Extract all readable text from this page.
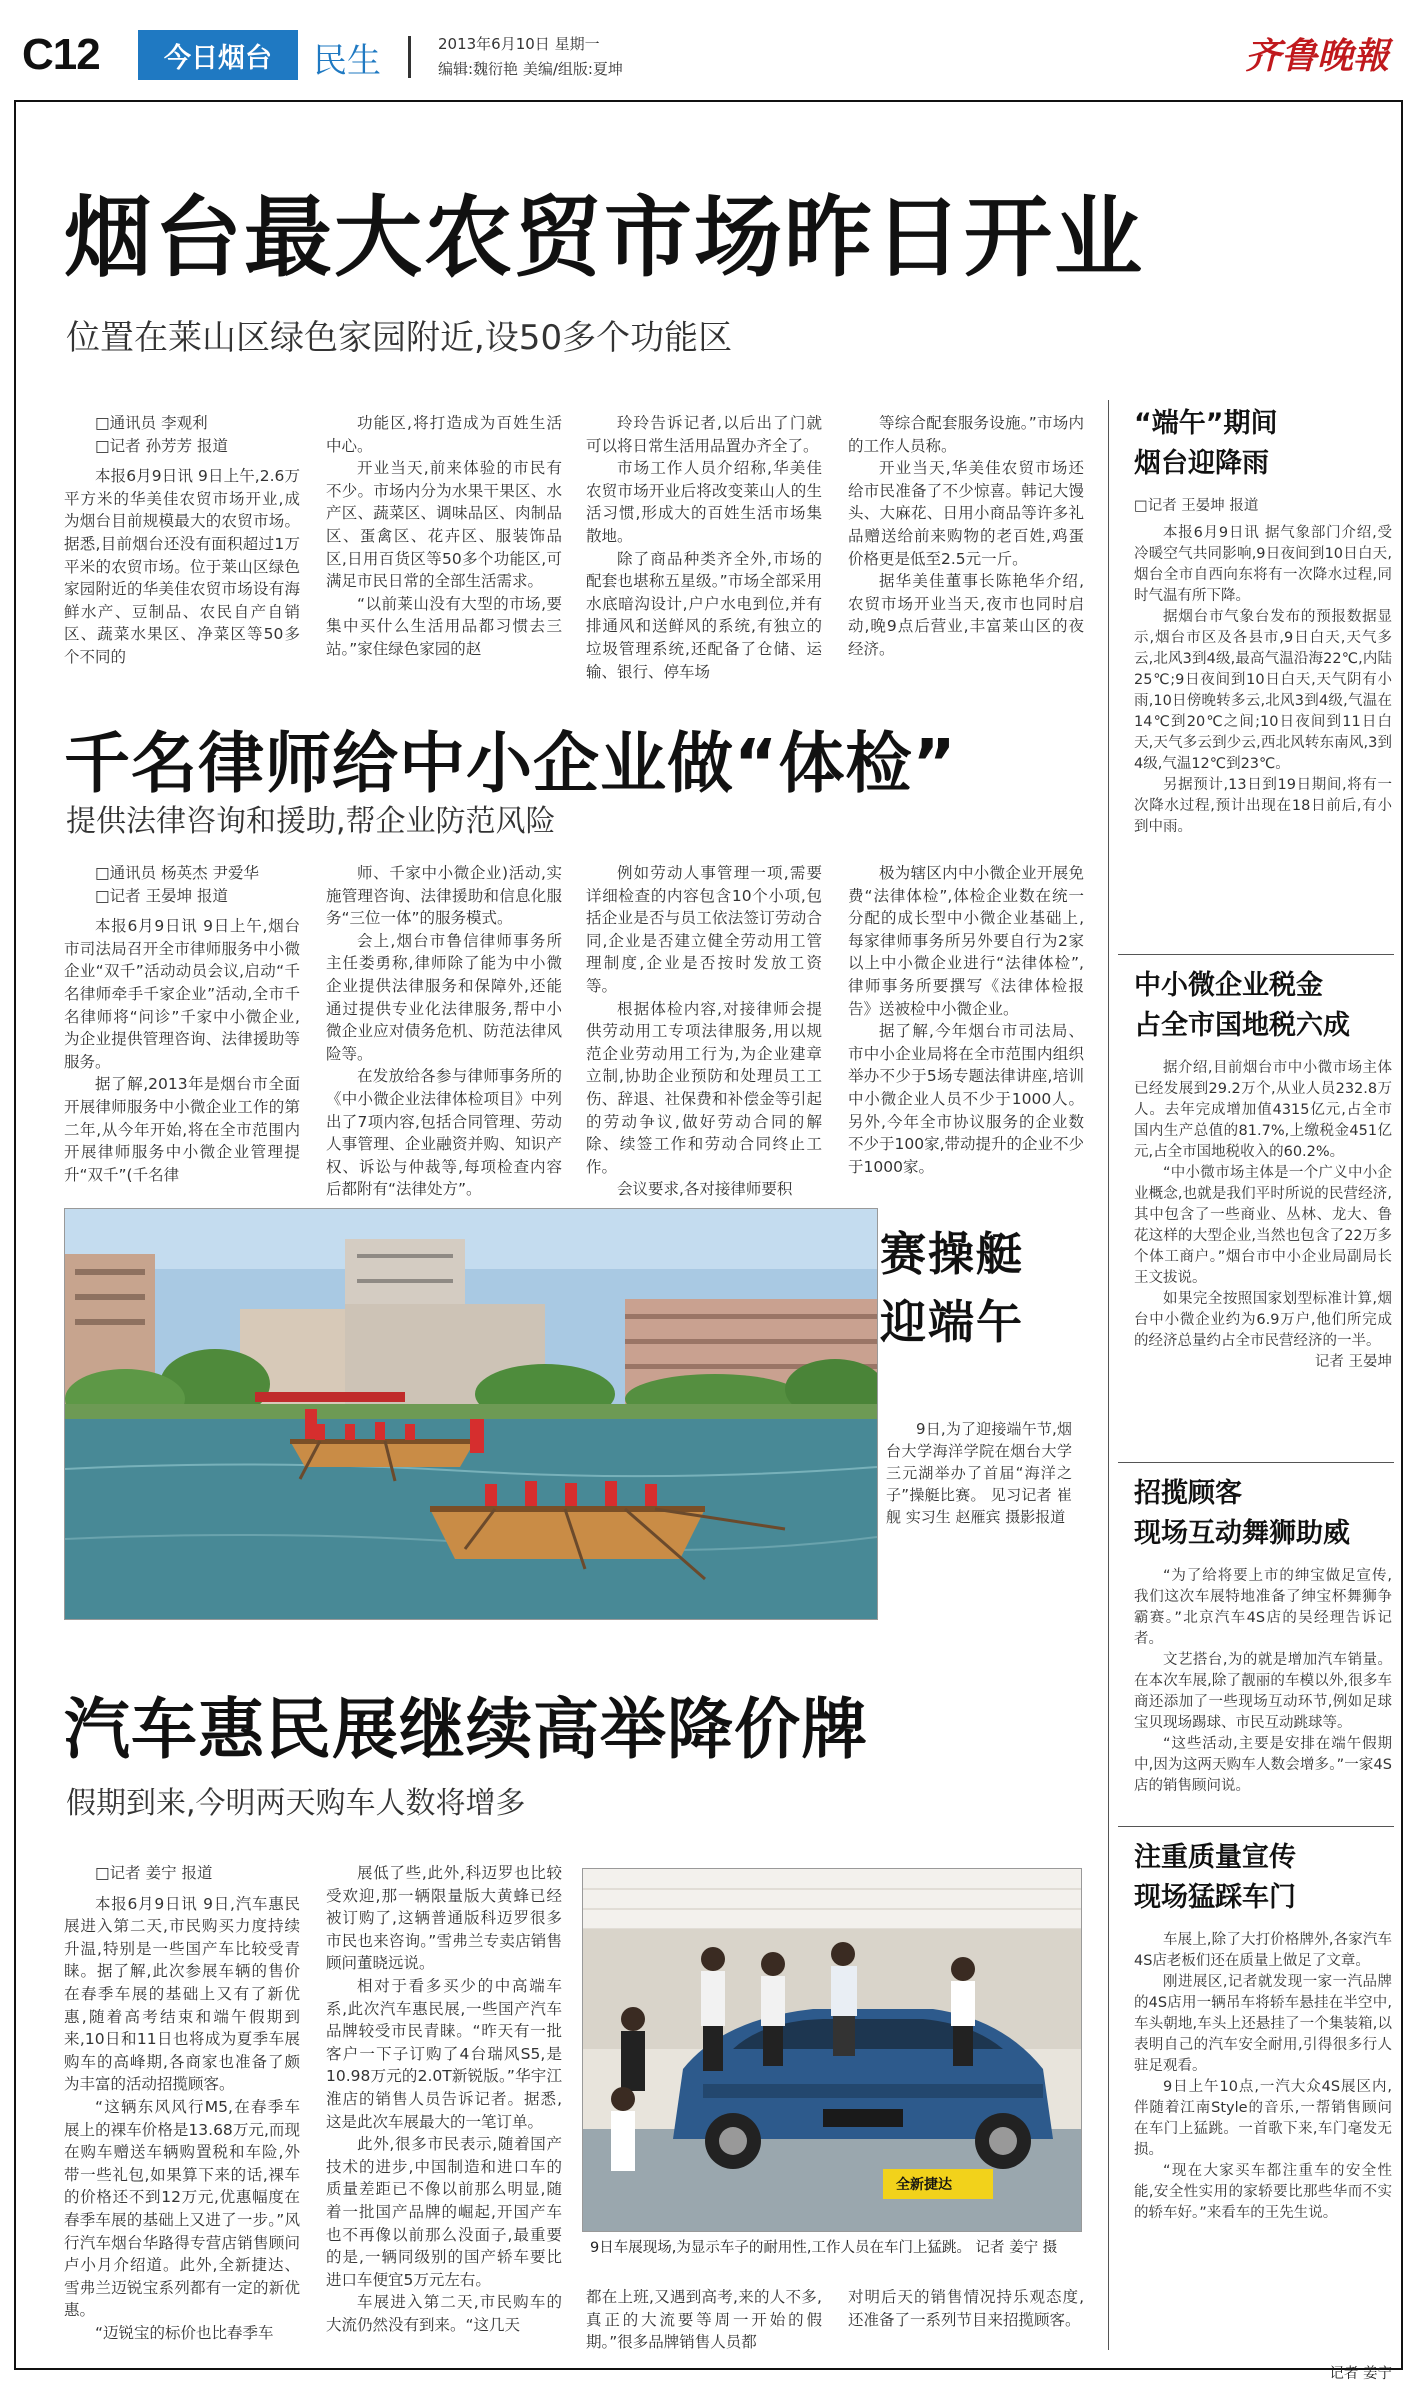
C12	今日烟台	民生	2013年6月10日 星期一
编辑:魏衍艳 美编/组版:夏坤	齐鲁晚報
烟台最大农贸市场昨日开业
位置在莱山区绿色家园附近,设50多个功能区

□通讯员 李观利

□记者 孙芳芳 报道

本报6月9日讯 9日上午,2.6万平方米的华美佳农贸市场开业,成为烟台目前规模最大的农贸市场。据悉,目前烟台还没有面积超过1万平米的农贸市场。位于莱山区绿色家园附近的华美佳农贸市场设有海鲜水产、豆制品、农民自产自销区、蔬菜水果区、净菜区等50多个不同的

功能区,将打造成为百姓生活中心。

开业当天,前来体验的市民有不少。市场内分为水果干果区、水产区、蔬菜区、调味品区、肉制品区、蛋禽区、花卉区、服装饰品区,日用百货区等50多个功能区,可满足市民日常的全部生活需求。

“以前莱山没有大型的市场,要集中买什么生活用品都习惯去三站。”家住绿色家园的赵

玲玲告诉记者,以后出了门就可以将日常生活用品置办齐全了。

市场工作人员介绍称,华美佳农贸市场开业后将改变莱山人的生活习惯,形成大的百姓生活市场集散地。

除了商品种类齐全外,市场的配套也堪称五星级。”市场全部采用水底暗沟设计,户户水电到位,并有排通风和送鲜风的系统,有独立的垃圾管理系统,还配备了仓储、运输、银行、停车场

等综合配套服务设施。”市场内的工作人员称。

开业当天,华美佳农贸市场还给市民准备了不少惊喜。韩记大馒头、大麻花、日用小商品等许多礼品赠送给前来购物的老百姓,鸡蛋价格更是低至2.5元一斤。

据华美佳董事长陈艳华介绍,农贸市场开业当天,夜市也同时启动,晚9点后营业,丰富莱山区的夜经济。

千名律师给中小企业做“体检”
提供法律咨询和援助,帮企业防范风险

□通讯员 杨英杰 尹爱华

□记者 王晏坤 报道

本报6月9日讯 9日上午,烟台市司法局召开全市律师服务中小微企业“双千”活动动员会议,启动“千名律师牵手千家企业”活动,全市千名律师将“问诊”千家中小微企业,为企业提供管理咨询、法律援助等服务。

据了解,2013年是烟台市全面开展律师服务中小微企业工作的第二年,从今年开始,将在全市范围内开展律师服务中小微企业管理提升“双千”(千名律

师、千家中小微企业)活动,实施管理咨询、法律援助和信息化服务“三位一体”的服务模式。

会上,烟台市鲁信律师事务所主任娄勇称,律师除了能为中小微企业提供法律服务和保障外,还能通过提供专业化法律服务,帮中小微企业应对债务危机、防范法律风险等。

在发放给各参与律师事务所的《中小微企业法律体检项目》中列出了7项内容,包括合同管理、劳动人事管理、企业融资并购、知识产权、诉讼与仲裁等,每项检查内容后都附有“法律处方”。

例如劳动人事管理一项,需要详细检查的内容包含10个小项,包括企业是否与员工依法签订劳动合同,企业是否建立健全劳动用工管理制度,企业是否按时发放工资等。

根据体检内容,对接律师会提供劳动用工专项法律服务,用以规范企业劳动用工行为,为企业建章立制,协助企业预防和处理员工工伤、辞退、社保费和补偿金等引起的劳动争议,做好劳动合同的解除、续签工作和劳动合同终止工作。

会议要求,各对接律师要积

极为辖区内中小微企业开展免费“法律体检”,体检企业数在统一分配的成长型中小微企业基础上,每家律师事务所另外要自行为2家以上中小微企业进行“法律体检”,律师事务所要撰写《法律体检报告》送被检中小微企业。

据了解,今年烟台市司法局、市中小企业局将在全市范围内组织举办不少于5场专题法律讲座,培训中小微企业人员不少于1000人。另外,今年全市协议服务的企业数不少于100家,带动提升的企业不少于1000家。

赛操艇
迎端午

9日,为了迎接端午节,烟台大学海洋学院在烟台大学三元湖举办了首届“海洋之子”操艇比赛。 见习记者 崔舰 实习生 赵雁宾 摄影报道

汽车惠民展继续高举降价牌
假期到来,今明两天购车人数将增多

□记者 姜宁 报道

本报6月9日讯 9日,汽车惠民展进入第二天,市民购买力度持续升温,特别是一些国产车比较受青睐。据了解,此次参展车辆的售价在春季车展的基础上又有了新优惠,随着高考结束和端午假期到来,10日和11日也将成为夏季车展购车的高峰期,各商家也准备了颇为丰富的活动招揽顾客。

“这辆东风风行M5,在春季车展上的裸车价格是13.68万元,而现在购车赠送车辆购置税和车险,外带一些礼包,如果算下来的话,裸车的价格还不到12万元,优惠幅度在春季车展的基础上又进了一步。”风行汽车烟台华路得专营店销售顾问卢小月介绍道。此外,全新捷达、雪弗兰迈锐宝系列都有一定的新优惠。

“迈锐宝的标价也比春季车

展低了些,此外,科迈罗也比较受欢迎,那一辆限量版大黄蜂已经被订购了,这辆普通版科迈罗很多市民也来咨询。”雪弗兰专卖店销售顾问董晓远说。

相对于看多买少的中高端车系,此次汽车惠民展,一些国产汽车品牌较受市民青睐。“昨天有一批客户一下子订购了4台瑞风S5,是10.98万元的2.0T新锐版。”华宇江淮店的销售人员告诉记者。据悉,这是此次车展最大的一笔订单。

此外,很多市民表示,随着国产技术的进步,中国制造和进口车的质量差距已不像以前那么明显,随着一批国产品牌的崛起,开国产车也不再像以前那么没面子,最重要的是,一辆同级别的国产轿车要比进口车便宜5万元左右。

车展进入第二天,市民购车的大流仍然没有到来。“这几天

全新捷达
9日车展现场,为显示车子的耐用性,工作人员在车门上猛跳。 记者 姜宁 摄

都在上班,又遇到高考,来的人不多,真正的大流要等周一开始的假期。”很多品牌销售人员都

对明后天的销售情况持乐观态度,还准备了一系列节目来招揽顾客。

“端午”期间
烟台迎降雨

□记者 王晏坤 报道

本报6月9日讯 据气象部门介绍,受冷暖空气共同影响,9日夜间到10日白天,烟台全市自西向东将有一次降水过程,同时气温有所下降。

据烟台市气象台发布的预报数据显示,烟台市区及各县市,9日白天,天气多云,北风3到4级,最高气温沿海22℃,内陆25℃;9日夜间到10日白天,天气阴有小雨,10日傍晚转多云,北风3到4级,气温在14℃到20℃之间;10日夜间到11日白天,天气多云到少云,西北风转东南风,3到4级,气温12℃到23℃。

另据预计,13日到19日期间,将有一次降水过程,预计出现在18日前后,有小到中雨。

中小微企业税金
占全市国地税六成

据介绍,目前烟台市中小微市场主体已经发展到29.2万个,从业人员232.8万人。去年完成增加值4315亿元,占全市国内生产总值的81.7%,上缴税金451亿元,占全市国地税收入的60.2%。

“中小微市场主体是一个广义中小企业概念,也就是我们平时所说的民营经济,其中包含了一些商业、丛林、龙大、鲁花这样的大型企业,当然也包含了22万多个体工商户。”烟台市中小企业局副局长王文拔说。

如果完全按照国家划型标准计算,烟台中小微企业约为6.9万户,他们所完成的经济总量约占全市民营经济的一半。

记者 王晏坤
招揽顾客
现场互动舞狮助威

“为了给将要上市的绅宝做足宣传,我们这次车展特地准备了绅宝杯舞狮争霸赛。”北京汽车4S店的吴经理告诉记者。

文艺搭台,为的就是增加汽车销量。在本次车展,除了靓丽的车模以外,很多车商还添加了一些现场互动环节,例如足球宝贝现场踢球、市民互动跳球等。

“这些活动,主要是安排在端午假期中,因为这两天购车人数会增多。”一家4S店的销售顾问说。

注重质量宣传
现场猛踩车门

车展上,除了大打价格牌外,各家汽车4S店老板们还在质量上做足了文章。

刚进展区,记者就发现一家一汽品牌的4S店用一辆吊车将轿车悬挂在半空中,车头朝地,车头上还悬挂了一个集装箱,以表明自己的汽车安全耐用,引得很多行人驻足观看。

9日上午10点,一汽大众4S展区内,伴随着江南Style的音乐,一帮销售顾问在车门上猛跳。一首歌下来,车门毫发无损。

“现在大家买车都注重车的安全性能,安全性实用的家轿要比那些华而不实的轿车好。”来看车的王先生说。

记者 姜宁
